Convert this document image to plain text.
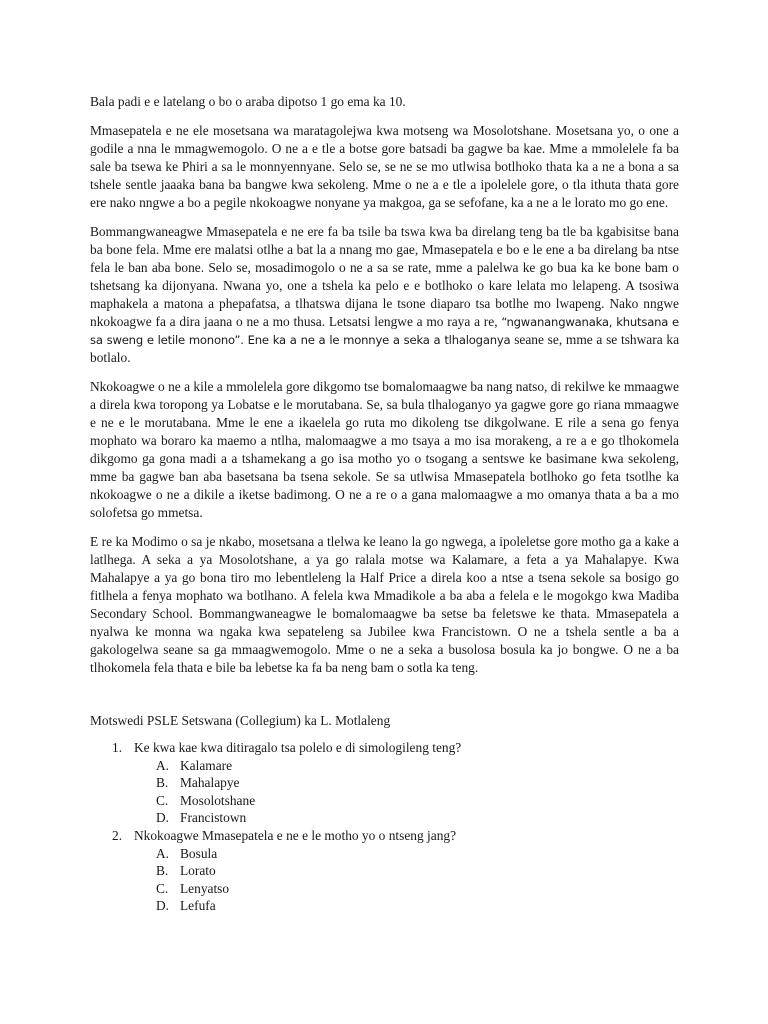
Bala padi e e latelang o bo o araba dipotso 1 go ema ka 10.

Mmasepatela e ne ele mosetsana wa maratagolejwa kwa motseng wa Mosolotshane. Mosetsana yo, o one a godile a nna le mmagwemogolo. O ne a e tle a botse gore batsadi ba gagwe ba kae. Mme a mmolelele fa ba sale ba tsewa ke Phiri a sa le monnyennyane. Selo se, se ne se mo utlwisa botlhoko thata ka a ne a bona a sa tshele sentle jaaaka bana ba bangwe kwa sekoleng. Mme o ne a e tle a ipolelele gore, o tla ithuta thata gore ere nako nngwe a bo a pegile nkokoagwe nonyane ya makgoa, ga se sefofane, ka a ne a le lorato mo go ene.

Bommangwaneagwe Mmasepatela e ne ere fa ba tsile ba tswa kwa ba direlang teng ba tle ba kgabisitse bana ba bone fela. Mme ere malatsi otlhe a bat la a nnang mo gae, Mmasepatela e bo e le ene a ba direlang ba ntse fela le ban aba bone. Selo se, mosadimogolo o ne a sa se rate, mme a palelwa ke go bua ka ke bone bam o tshetsang ka dijonyana. Nwana yo, one a tshela ka pelo e e botlhoko o kare lelata mo lelapeng. A tsosiwa maphakela a matona a phepafatsa, a tlhatswa dijana le tsone diaparo tsa botlhe mo lwapeng. Nako nngwe nkokoagwe fa a dira jaana o ne a mo thusa. Letsatsi lengwe a mo raya a re, “ngwanangwanaka, khutsana e sa sweng e letile monono”. Ene ka a ne a le monnye a seka a tlhaloganya seane se, mme a se tshwara ka botlalo.

Nkokoagwe o ne a kile a mmolelela gore dikgomo tse bomalomaagwe ba nang natso, di rekilwe ke mmaagwe a direla kwa toropong ya Lobatse e le morutabana. Se, sa bula tlhaloganyo ya gagwe gore go riana mmaagwe e ne e le morutabana. Mme le ene a ikaelela go ruta mo dikoleng tse dikgolwane. E rile a sena go fenya mophato wa boraro ka maemo a ntlha, malomaagwe a mo tsaya a mo isa morakeng, a re a e go tlhokomela dikgomo ga gona madi a a tshamekang a go isa motho yo o tsogang a sentswe ke basimane kwa sekoleng, mme ba gagwe ban aba basetsana ba tsena sekole. Se sa utlwisa Mmasepatela botlhoko go feta tsotlhe ka nkokoagwe o ne a dikile a iketse badimong. O ne a re o a gana malomaagwe a mo omanya thata a ba a mo solofetsa go mmetsa.

E re ka Modimo o sa je nkabo, mosetsana a tlelwa ke leano la go ngwega, a ipoleletse gore motho ga a kake a latlhega. A seka a ya Mosolotshane, a ya go ralala motse wa Kalamare, a feta a ya Mahalapye. Kwa Mahalapye a ya go bona tiro mo lebentleleng la Half Price a direla koo a ntse a tsena sekole sa bosigo go fitlhela a fenya mophato wa botlhano. A felela kwa Mmadikole a ba aba a felela e le mogokgo kwa Madiba Secondary School. Bommangwaneagwe le bomalomaagwe ba setse ba feletswe ke thata. Mmasepatela a nyalwa ke monna wa ngaka kwa sepateleng sa Jubilee kwa Francistown. O ne a tshela sentle a ba a gakologelwa seane sa ga mmaagwemogolo. Mme o ne a seka a busolosa bosula ka jo bongwe. O ne a ba tlhokomela fela thata e bile ba lebetse ka fa ba neng bam o sotla ka teng.

Motswedi PSLE Setswana (Collegium) ka L. Motlaleng

1. Ke kwa kae kwa ditiragalo tsa polelo e di simologileng teng?
A. Kalamare
B. Mahalapye
C. Mosolotshane
D. Francistown
2. Nkokoagwe Mmasepatela e ne e le motho yo o ntseng jang?
A. Bosula
B. Lorato
C. Lenyatso
D. Lefufa
